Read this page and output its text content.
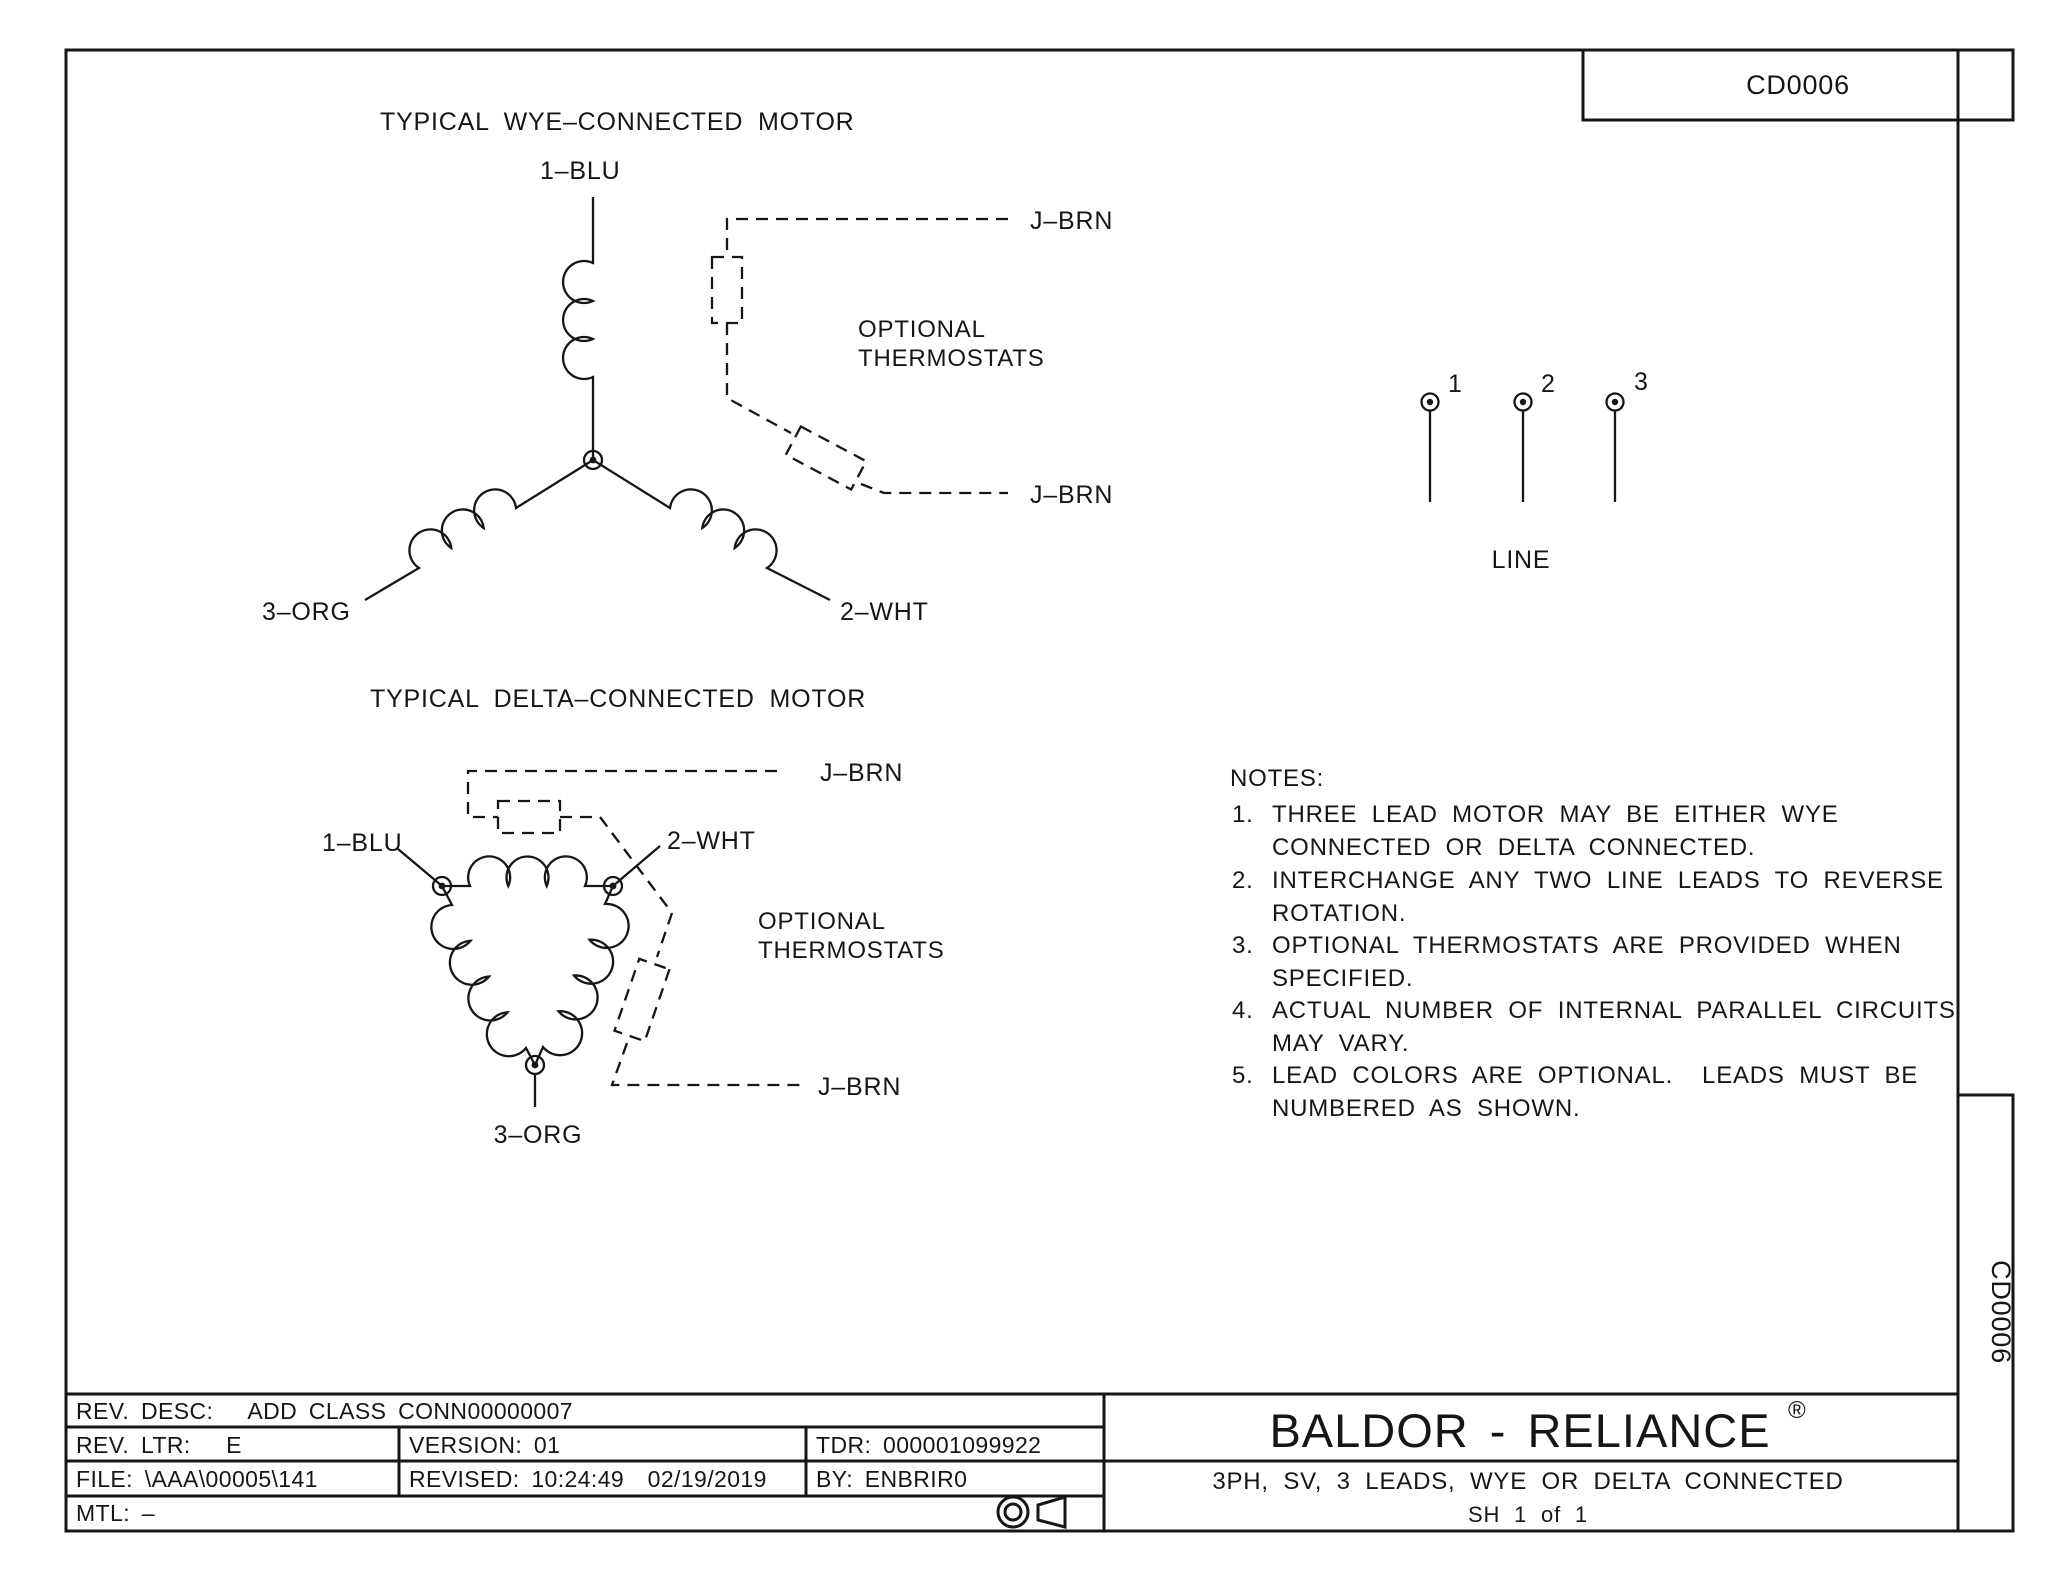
CD0006
CD0006
TYPICAL WYE–CONNECTED MOTOR
1–BLU
3–ORG	2–WHT
OPTIONAL
THERMOSTATS
J–BRN
J–BRN
TYPICAL DELTA–CONNECTED MOTOR
1–BLU	2–WHT
3–ORG
OPTIONAL
THERMOSTATS
J–BRN
J–BRN
1	2	3
LINE
NOTES:
1. THREE LEAD MOTOR MAY BE EITHER WYE
CONNECTED OR DELTA CONNECTED.
2. INTERCHANGE ANY TWO LINE LEADS TO REVERSE
ROTATION.
3. OPTIONAL THERMOSTATS ARE PROVIDED WHEN
SPECIFIED.
4. ACTUAL NUMBER OF INTERNAL PARALLEL CIRCUITS
MAY VARY.
5. LEAD COLORS ARE OPTIONAL.  LEADS MUST BE
NUMBERED AS SHOWN.
REV. DESC:   ADD CLASS CONN00000007
REV. LTR:   E	VERSION: 01	TDR: 000001099922
FILE: \AAA\00005\141	REVISED: 10:24:49  02/19/2019 BY: ENBRIR0
MTL: –
BALDOR - RELIANCE ®
3PH, SV, 3 LEADS, WYE OR DELTA CONNECTED
SH 1 of 1
